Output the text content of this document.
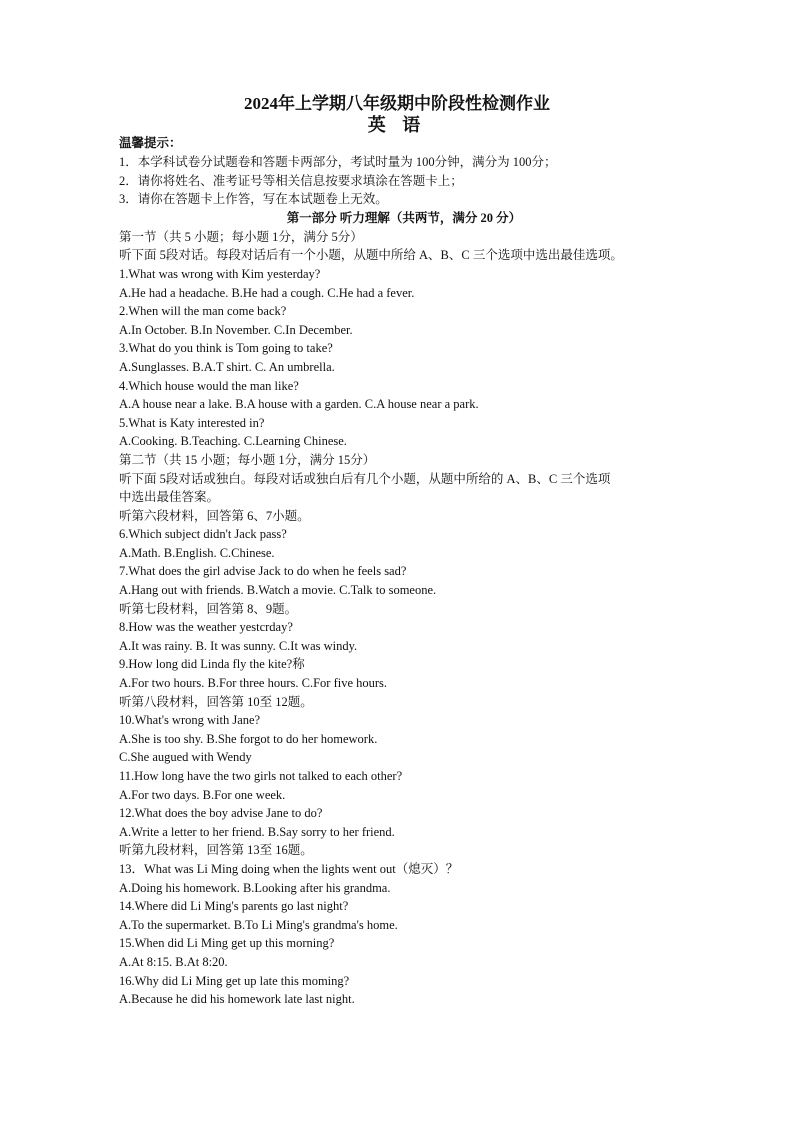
2024年上学期八年级期中阶段性检测作业
英 语
温馨提示：
1．本学科试卷分试题卷和答题卡两部分，考试时量为 100分钟，满分为 100分；
2．请你将姓名、准考证号等相关信息按要求填涂在答题卡上；
3．请你在答题卡上作答，写在本试题卷上无效。
第一部分 听力理解（共两节，满分 20 分）
第一节（共 5 小题；每小题 1分，满分 5分）
听下面 5段对话。每段对话后有一个小题，从题中所给 A、B、C 三个选项中选出最佳选项。
1.What was wrong with Kim yesterday?
A.He had a headache. B.He had a cough. C.He had a fever.
2.When will the man come back?
A.In October. B.In November. C.In December.
3.What do you think is Tom going to take?
A.Sunglasses. B.A.T shirt. C. An umbrella.
4.Which house would the man like?
A.A house near a lake. B.A house with a garden. C.A house near a park.
5.What is Katy interested in?
A.Cooking. B.Teaching. C.Learning Chinese.
第二节（共 15 小题；每小题 1分，满分 15分）
听下面 5段对话或独白。每段对话或独白后有几个小题，从题中所给的 A、B、C 三个选项
中选出最佳答案。
听第六段材料，回答第 6、7小题。
6.Which subject didn't Jack pass?
A.Math. B.English. C.Chinese.
7.What does the girl advise Jack to do when he feels sad?
A.Hang out with friends. B.Watch a movie. C.Talk to someone.
听第七段材料，回答第 8、9题。
8.How was the weather yestcrday?
A.It was rainy. B. It was sunny. C.It was windy.
9.How long did Linda fly the kite?称
A.For two hours. B.For three hours. C.For five hours.
听第八段材料，回答第 10至 12题。
10.What's wrong with Jane?
A.She is too shy. B.She forgot to do her homework.
C.She augued with Wendy
11.How long have the two girls not talked to each other?
A.For two days. B.For one week.
12.What does the boy advise Jane to do?
A.Write a letter to her friend. B.Say sorry to her friend.
听第九段材料，回答第 13至 16题。
13．What was Li Ming doing when the lights went out（熄灭）？
A.Doing his homework. B.Looking after his grandma.
14.Where did Li Ming's parents go last night?
A.To the supermarket. B.To Li Ming's grandma's home.
15.When did Li Ming get up this morning?
A.At 8:15. B.At 8:20.
16.Why did Li Ming get up late this moming?
A.Because he did his homework late last night.
